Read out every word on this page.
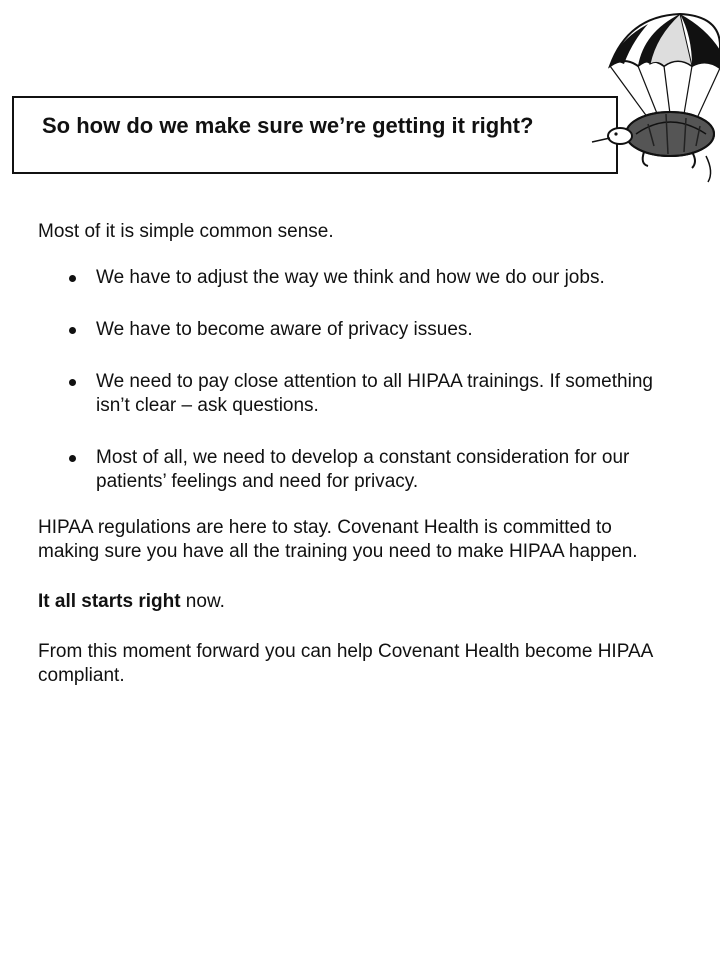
So how do we make sure we’re getting it right?

Most of it is simple common sense.

We have to adjust the way we think and how we do our jobs.
We have to become aware of privacy issues.
We need to pay close attention to all HIPAA trainings. If something isn’t clear – ask questions.
Most of all, we need to develop a constant consideration for our patients’ feelings and need for privacy.

HIPAA regulations are here to stay. Covenant Health is committed to making sure you have all the training you need to make HIPAA happen.

It all starts right now.

From this moment forward you can help Covenant Health become HIPAA compliant.
